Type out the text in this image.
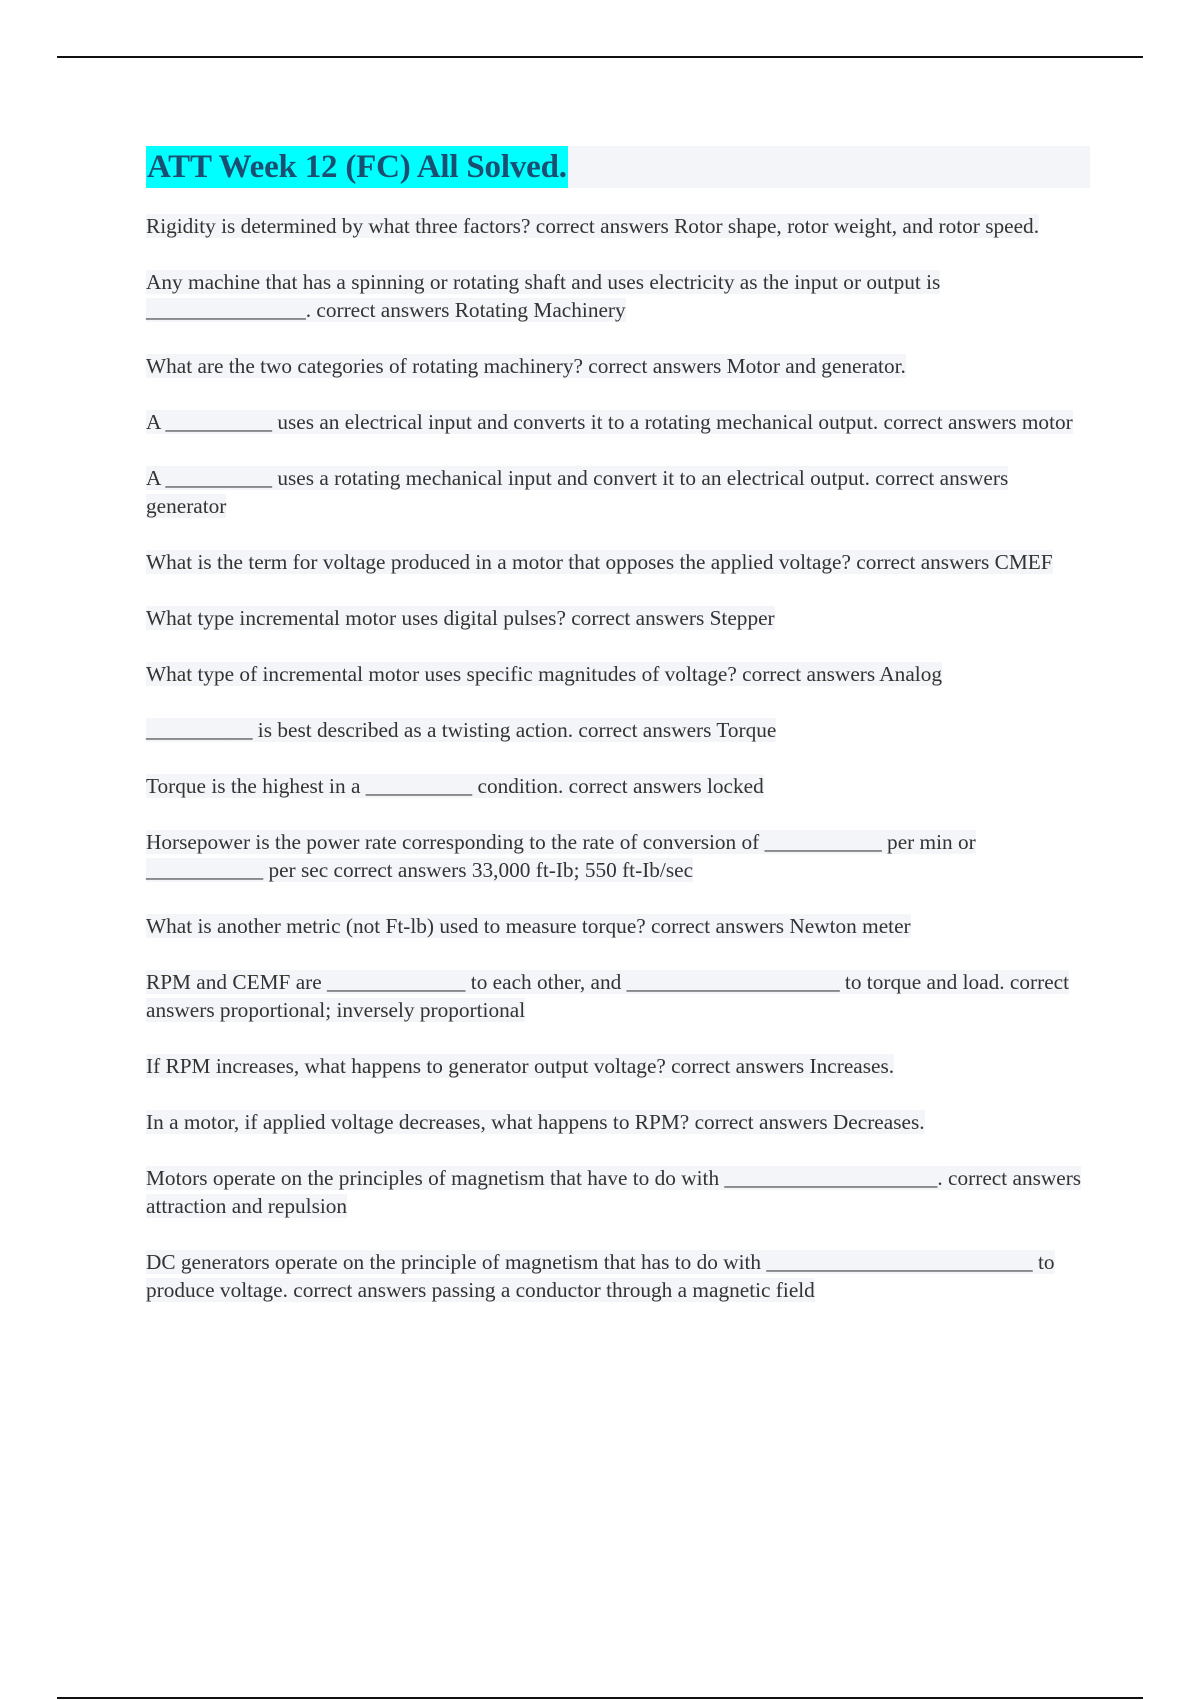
ATT Week 12 (FC) All Solved.

Rigidity is determined by what three factors? correct answers Rotor shape, rotor weight, and rotor speed.

Any machine that has a spinning or rotating shaft and uses electricity as the input or output is _______________. correct answers Rotating Machinery

What are the two categories of rotating machinery? correct answers Motor and generator.

A __________ uses an electrical input and converts it to a rotating mechanical output. correct answers motor

A __________ uses a rotating mechanical input and convert it to an electrical output. correct answers generator

What is the term for voltage produced in a motor that opposes the applied voltage? correct answers CMEF

What type incremental motor uses digital pulses? correct answers Stepper

What type of incremental motor uses specific magnitudes of voltage? correct answers Analog

__________ is best described as a twisting action. correct answers Torque

Torque is the highest in a __________ condition. correct answers locked

Horsepower is the power rate corresponding to the rate of conversion of ___________ per min or ___________ per sec correct answers 33,000 ft-Ib; 550 ft-Ib/sec

What is another metric (not Ft-lb) used to measure torque? correct answers Newton meter

RPM and CEMF are _____________ to each other, and ____________________ to torque and load. correct answers proportional; inversely proportional

If RPM increases, what happens to generator output voltage? correct answers Increases.

In a motor, if applied voltage decreases, what happens to RPM? correct answers Decreases.

Motors operate on the principles of magnetism that have to do with ____________________. correct answers attraction and repulsion

DC generators operate on the principle of magnetism that has to do with _________________________ to produce voltage. correct answers passing a conductor through a magnetic field
